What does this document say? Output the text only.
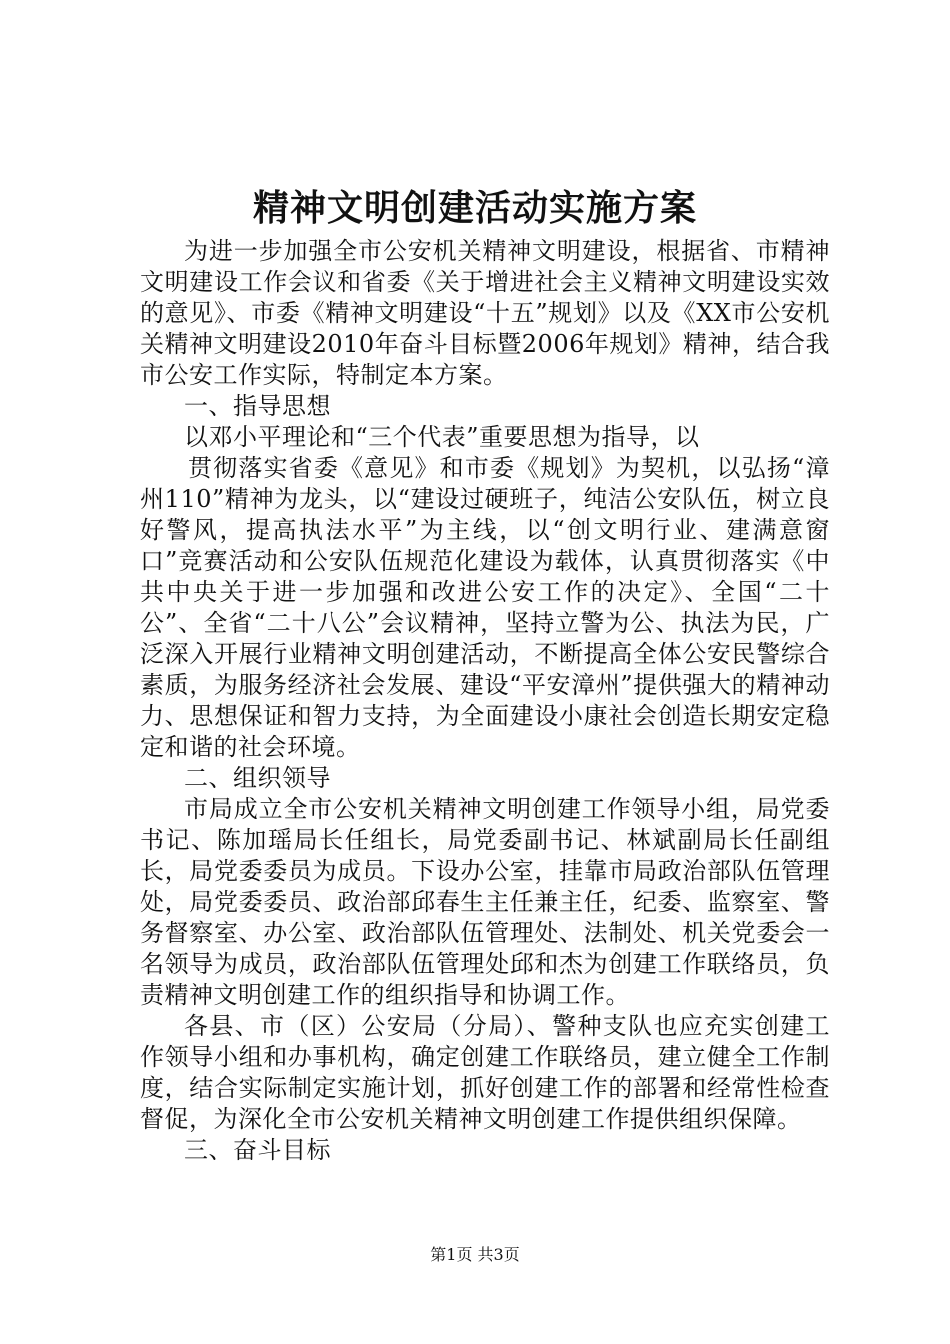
精神文明创建活动实施方案

为进一步加强全市公安机关精神文明建设，根据省、市精神文明建设工作会议和省委《关于增进社会主义精神文明建设实效的意见》、市委《精神文明建设“十五”规划》以及《XX市公安机关精神文明建设2010年奋斗目标暨2006年规划》精神，结合我市公安工作实际，特制定本方案。

一、指导思想

以邓小平理论和“三个代表”重要思想为指导，以

贯彻落实省委《意见》和市委《规划》为契机，以弘扬“漳州110”精神为龙头，以“建设过硬班子，纯洁公安队伍，树立良好警风，提高执法水平”为主线，以“创文明行业、建满意窗口”竞赛活动和公安队伍规范化建设为载体，认真贯彻落实《中共中央关于进一步加强和改进公安工作的决定》、全国“二十公”、全省“二十八公”会议精神，坚持立警为公、执法为民，广泛深入开展行业精神文明创建活动，不断提高全体公安民警综合素质，为服务经济社会发展、建设“平安漳州”提供强大的精神动力、思想保证和智力支持，为全面建设小康社会创造长期安定稳定和谐的社会环境。

二、组织领导

市局成立全市公安机关精神文明创建工作领导小组，局党委书记、陈加瑶局长任组长，局党委副书记、林斌副局长任副组长，局党委委员为成员。下设办公室，挂靠市局政治部队伍管理处，局党委委员、政治部邱春生主任兼主任，纪委、监察室、警务督察室、办公室、政治部队伍管理处、法制处、机关党委会一名领导为成员，政治部队伍管理处邱和杰为创建工作联络员，负责精神文明创建工作的组织指导和协调工作。

各县、市（区）公安局（分局）、警种支队也应充实创建工作领导小组和办事机构，确定创建工作联络员，建立健全工作制度，结合实际制定实施计划，抓好创建工作的部署和经常性检查督促，为深化全市公安机关精神文明创建工作提供组织保障。

三、奋斗目标

第1页 共3页
